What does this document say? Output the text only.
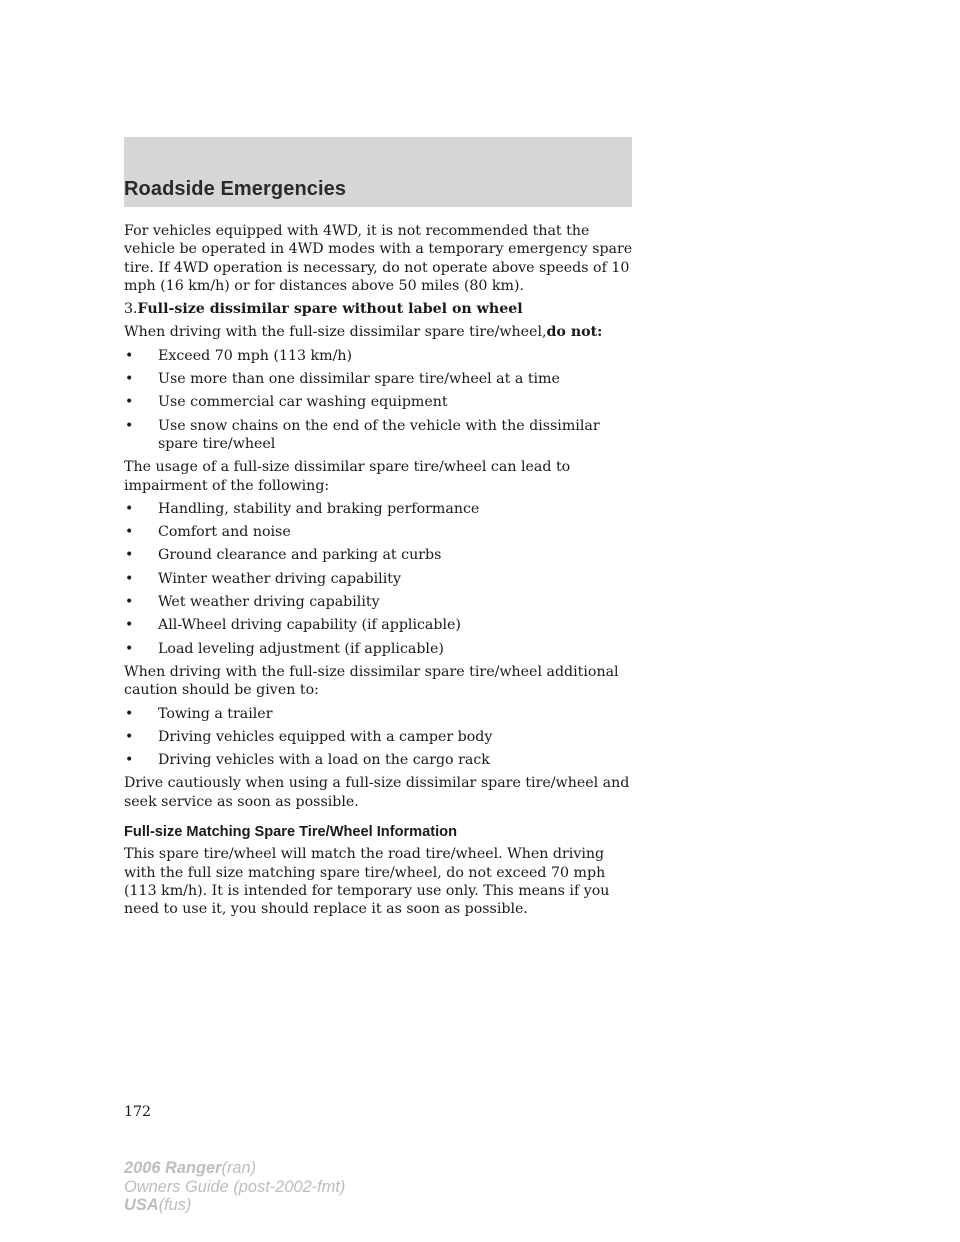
Roadside Emergencies

For vehicles equipped with 4WD, it is not recommended that the vehicle be operated in 4WD modes with a temporary emergency spare tire. If 4WD operation is necessary, do not operate above speeds of 10 mph (16 km/h) or for distances above 50 miles (80 km).

3.Full-size dissimilar spare without label on wheel

When driving with the full-size dissimilar spare tire/wheel,do not:

• Exceed 70 mph (113 km/h)
• Use more than one dissimilar spare tire/wheel at a time
• Use commercial car washing equipment
• Use snow chains on the end of the vehicle with the dissimilar spare tire/wheel

The usage of a full-size dissimilar spare tire/wheel can lead to impairment of the following:

• Handling, stability and braking performance
• Comfort and noise
• Ground clearance and parking at curbs
• Winter weather driving capability
• Wet weather driving capability
• All-Wheel driving capability (if applicable)
• Load leveling adjustment (if applicable)

When driving with the full-size dissimilar spare tire/wheel additional caution should be given to:

• Towing a trailer
• Driving vehicles equipped with a camper body
• Driving vehicles with a load on the cargo rack

Drive cautiously when using a full-size dissimilar spare tire/wheel and seek service as soon as possible.

Full-size Matching Spare Tire/Wheel Information

This spare tire/wheel will match the road tire/wheel. When driving with the full size matching spare tire/wheel, do not exceed 70 mph (113 km/h). It is intended for temporary use only. This means if you need to use it, you should replace it as soon as possible.

172
2006 Ranger(ran)
Owners Guide (post-2002-fmt)
USA(fus)
